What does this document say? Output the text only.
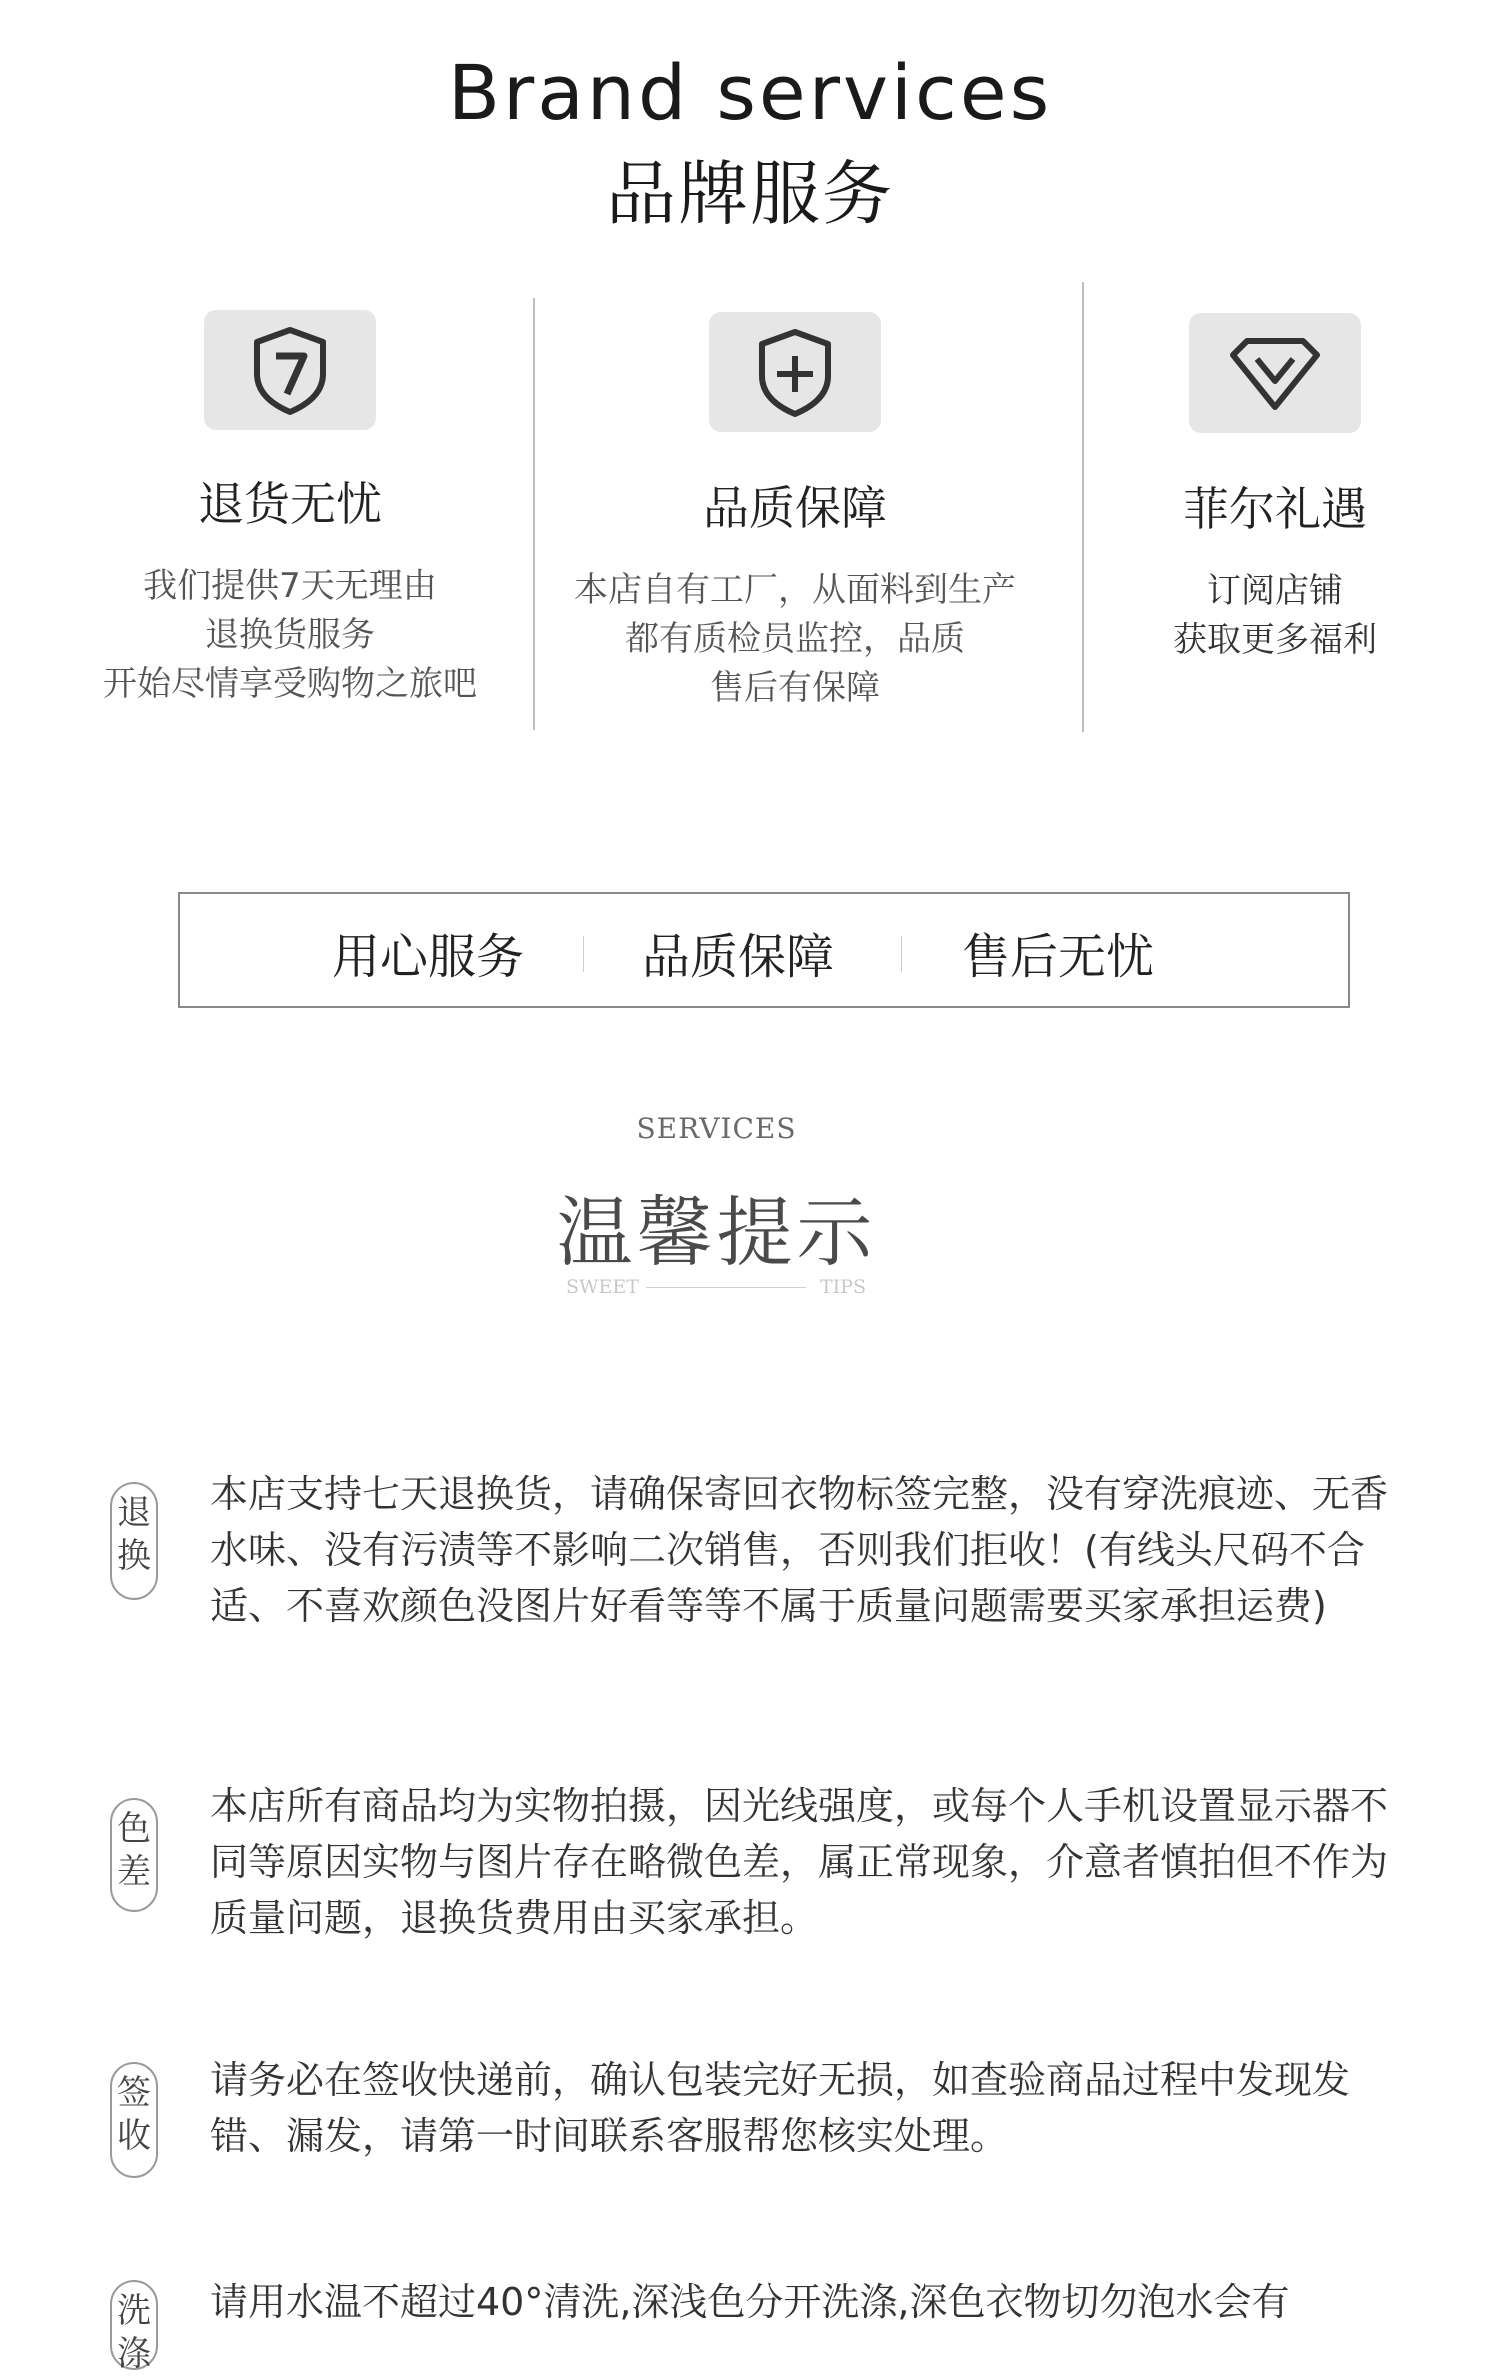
Brand services
品牌服务
退货无忧
我们提供7天无理由
退换货服务
开始尽情享受购物之旅吧
品质保障
本店自有工厂，从面料到生产
都有质检员监控，品质
售后有保障
菲尔礼遇
订阅店铺
获取更多福利
用心服务 品质保障	售后无忧
SERVICES
温馨提示
SWEET	TIPS
退
换
本店支持七天退换货，请确保寄回衣物标签完整，没有穿洗痕迹、无香水味、没有污渍等不影响二次销售，否则我们拒收！(有线头尺码不合适、不喜欢颜色没图片好看等等不属于质量问题需要买家承担运费)
色
差
本店所有商品均为实物拍摄，因光线强度，或每个人手机设置显示器不同等原因实物与图片存在略微色差，属正常现象，介意者慎拍但不作为质量问题，退换货费用由买家承担。
签
收
请务必在签收快递前，确认包装完好无损，如查验商品过程中发现发错、漏发，请第一时间联系客服帮您核实处理。
洗
涤
请用水温不超过40°清洗,深浅色分开洗涤,深色衣物切勿泡水会有
